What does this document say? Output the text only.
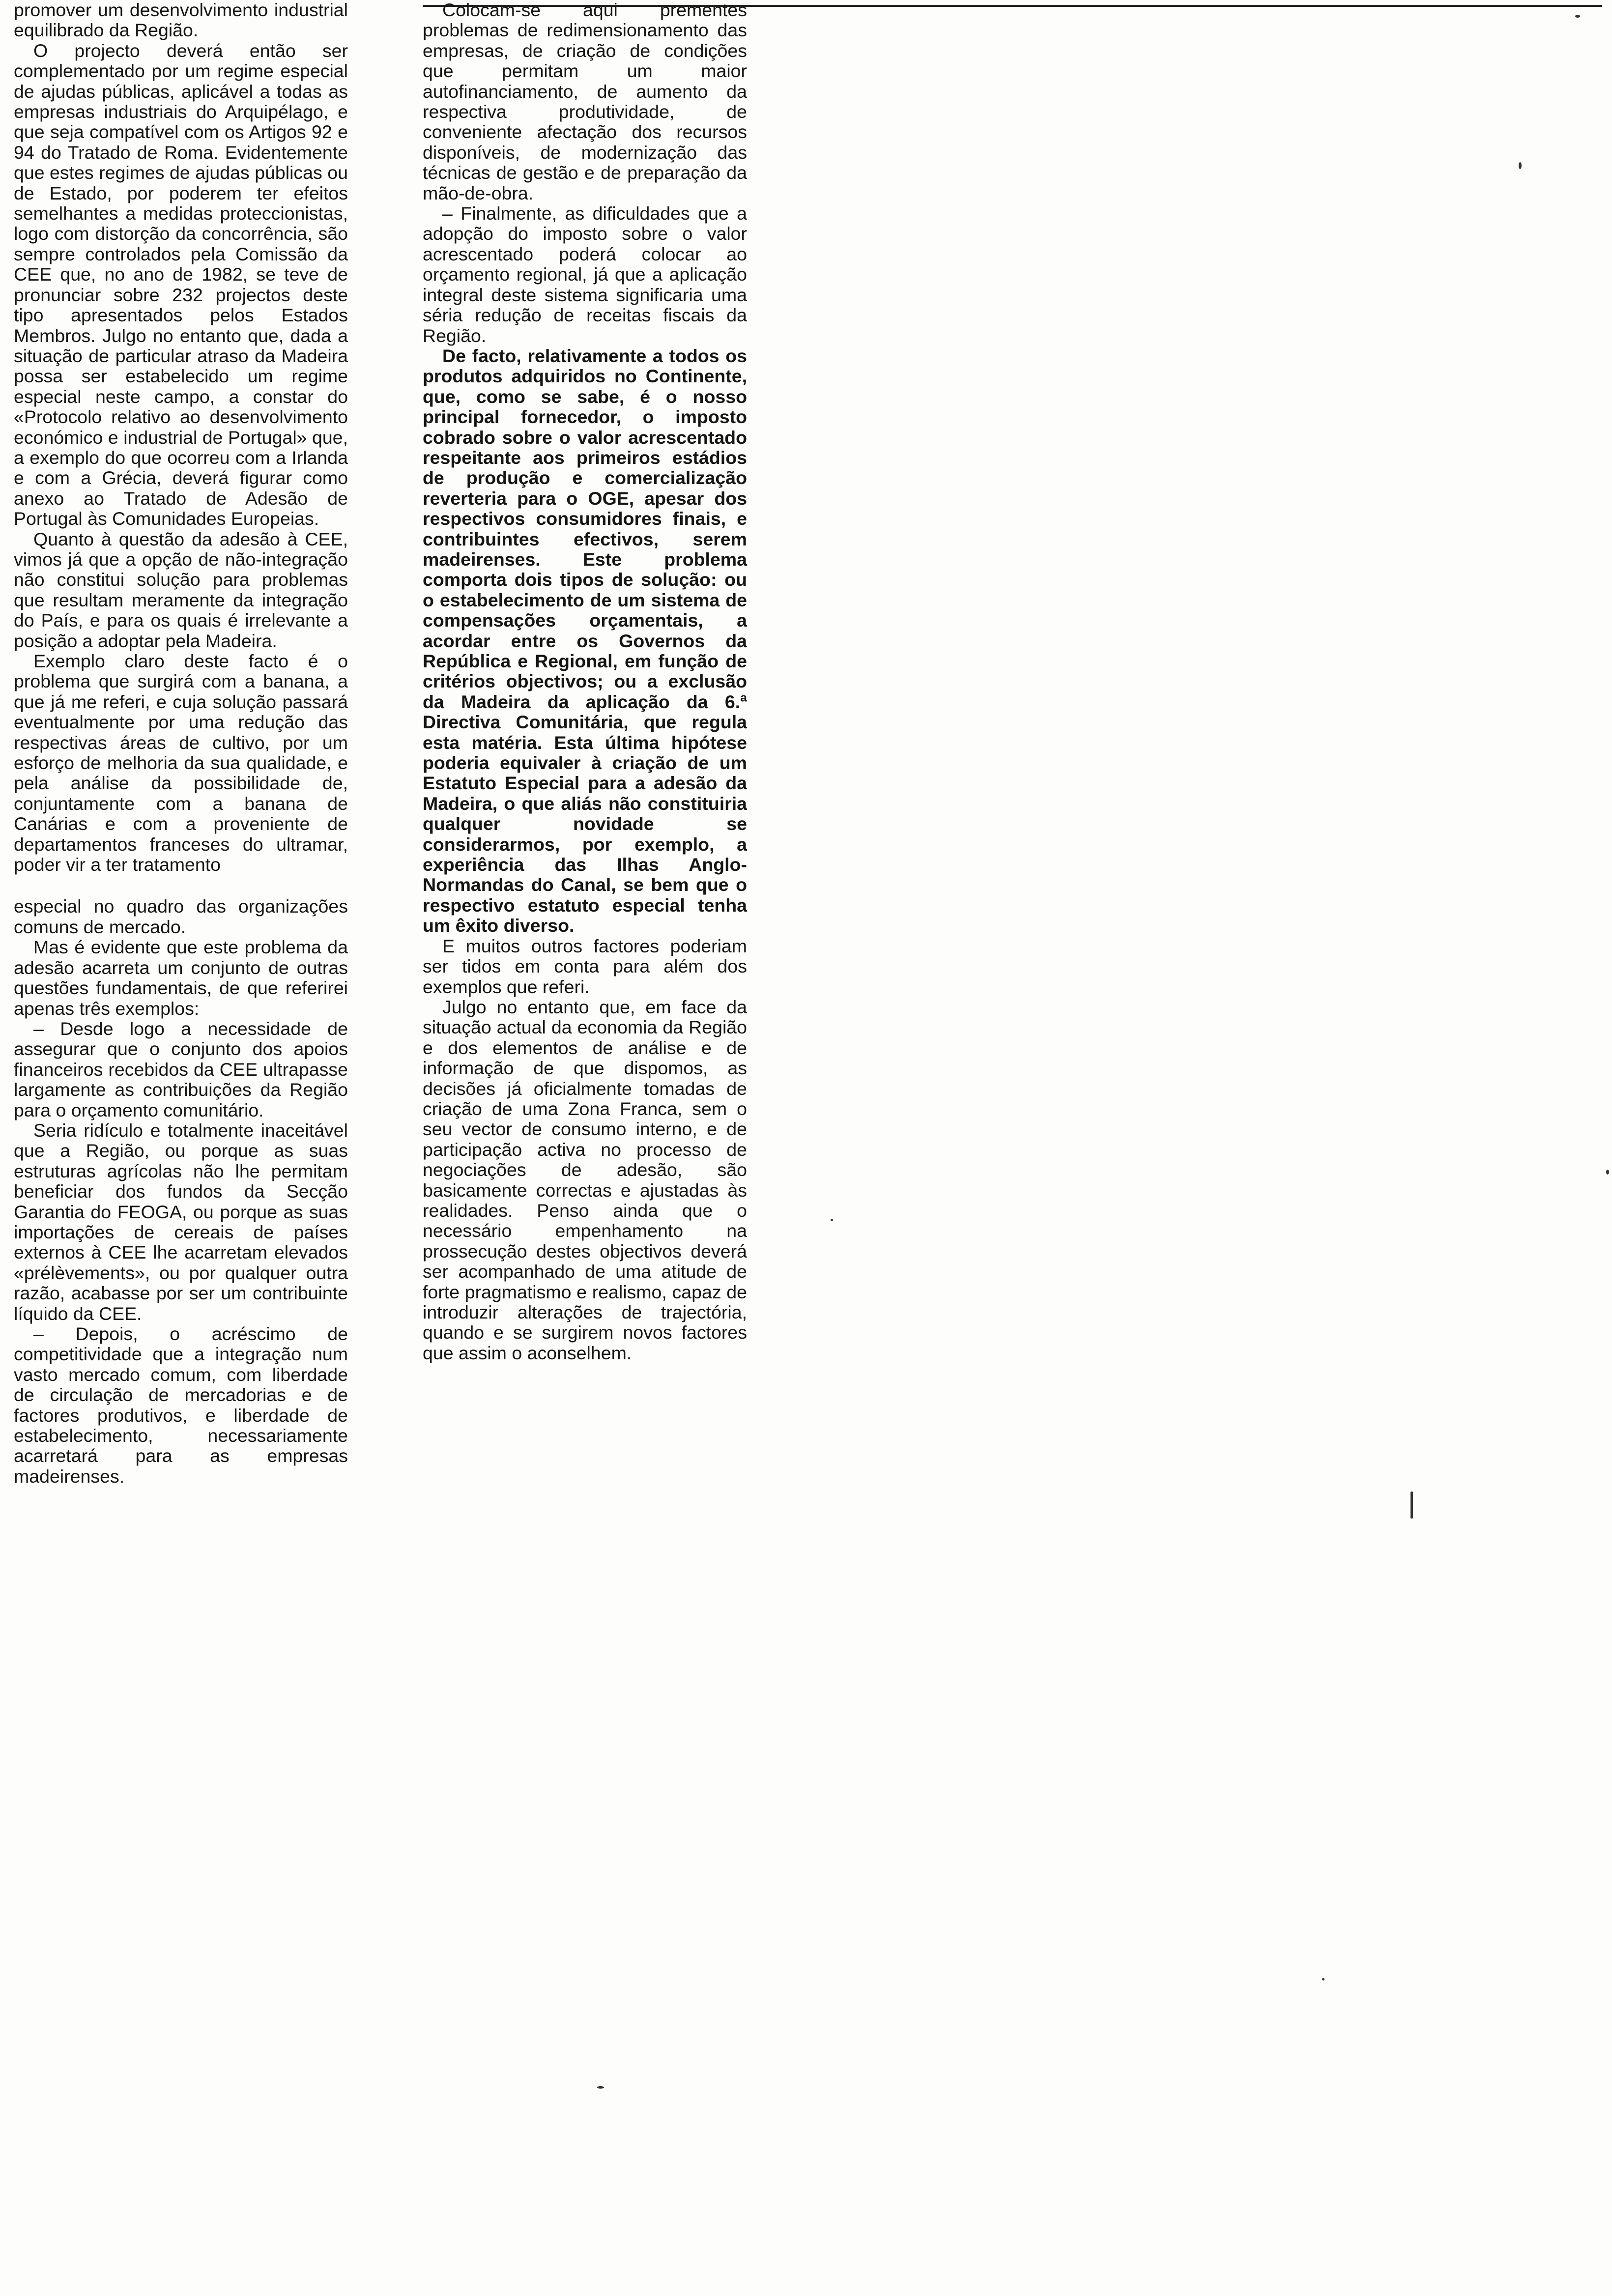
promover um desenvolvimento industrial equilibrado da Região.

O projecto deverá então ser complementado por um regime especial de ajudas públicas, aplicável a todas as empresas industriais do Arquipélago, e que seja compatível com os Artigos 92 e 94 do Tratado de Roma. Evidentemente que estes regimes de ajudas públicas ou de Estado, por poderem ter efeitos semelhantes a medidas proteccionistas, logo com distorção da concorrência, são sempre controlados pela Comissão da CEE que, no ano de 1982, se teve de pronunciar sobre 232 projectos deste tipo apresentados pelos Estados Membros. Julgo no entanto que, dada a situação de particular atraso da Madeira possa ser estabelecido um regime especial neste campo, a constar do «Protocolo relativo ao desenvolvimento económico e industrial de Portugal» que, a exemplo do que ocorreu com a Irlanda e com a Grécia, deverá figurar como anexo ao Tratado de Adesão de Portugal às Comunidades Europeias.

Quanto à questão da adesão à CEE, vimos já que a opção de não-integração não constitui solução para problemas que resultam meramente da integração do País, e para os quais é irrelevante a posição a adoptar pela Madeira.

Exemplo claro deste facto é o problema que surgirá com a banana, a que já me referi, e cuja solução passará eventualmente por uma redução das respectivas áreas de cultivo, por um esforço de melhoria da sua qualidade, e pela análise da possibilidade de, conjuntamente com a banana de Canárias e com a proveniente de departamentos franceses do ultramar, poder vir a ter tratamento

especial no quadro das organizações comuns de mercado.

Mas é evidente que este problema da adesão acarreta um conjunto de outras questões fundamentais, de que referirei apenas três exemplos:

– Desde logo a necessidade de assegurar que o conjunto dos apoios financeiros recebidos da CEE ultrapasse largamente as contribuições da Região para o orçamento comunitário.

Seria ridículo e totalmente inaceitável que a Região, ou porque as suas estruturas agrícolas não lhe permitam beneficiar dos fundos da Secção Garantia do FEOGA, ou porque as suas importações de cereais de países externos à CEE lhe acarretam elevados «prélèvements», ou por qualquer outra razão, acabasse por ser um contribuinte líquido da CEE.

– Depois, o acréscimo de competitividade que a integração num vasto mercado comum, com liberdade de circulação de mercadorias e de factores produtivos, e liberdade de estabelecimento, necessariamente acarretará para as empresas madeirenses.

Colocam-se aqui prementes problemas de redimensionamento das empresas, de criação de condições que permitam um maior autofinanciamento, de aumento da respectiva produtividade, de conveniente afectação dos recursos disponíveis, de modernização das técnicas de gestão e de preparação da mão-de-obra.

– Finalmente, as dificuldades que a adopção do imposto sobre o valor acrescentado poderá colocar ao orçamento regional, já que a aplicação integral deste sistema significaria uma séria redução de receitas fiscais da Região.

De facto, relativamente a todos os produtos adquiridos no Continente, que, como se sabe, é o nosso principal fornecedor, o imposto cobrado sobre o valor acrescentado respeitante aos primeiros estádios de produção e comercialização reverteria para o OGE, apesar dos respectivos consumidores finais, e contribuintes efectivos, serem madeirenses. Este problema comporta dois tipos de solução: ou o estabelecimento de um sistema de compensações orçamentais, a acordar entre os Governos da República e Regional, em função de critérios objectivos; ou a exclusão da Madeira da aplicação da 6.ª Directiva Comunitária, que regula esta matéria. Esta última hipótese poderia equivaler à criação de um Estatuto Especial para a adesão da Madeira, o que aliás não constituiria qualquer novidade se considerarmos, por exemplo, a experiência das Ilhas Anglo-Normandas do Canal, se bem que o respectivo estatuto especial tenha um êxito diverso.

E muitos outros factores poderiam ser tidos em conta para além dos exemplos que referi.

Julgo no entanto que, em face da situação actual da economia da Região e dos elementos de análise e de informação de que dispomos, as decisões já oficialmente tomadas de criação de uma Zona Franca, sem o seu vector de consumo interno, e de participação activa no processo de negociações de adesão, são basicamente correctas e ajustadas às realidades. Penso ainda que o necessário empenhamento na prossecução destes objectivos deverá ser acompanhado de uma atitude de forte pragmatismo e realismo, capaz de introduzir alterações de trajectória, quando e se surgirem novos factores que assim o aconselhem.
